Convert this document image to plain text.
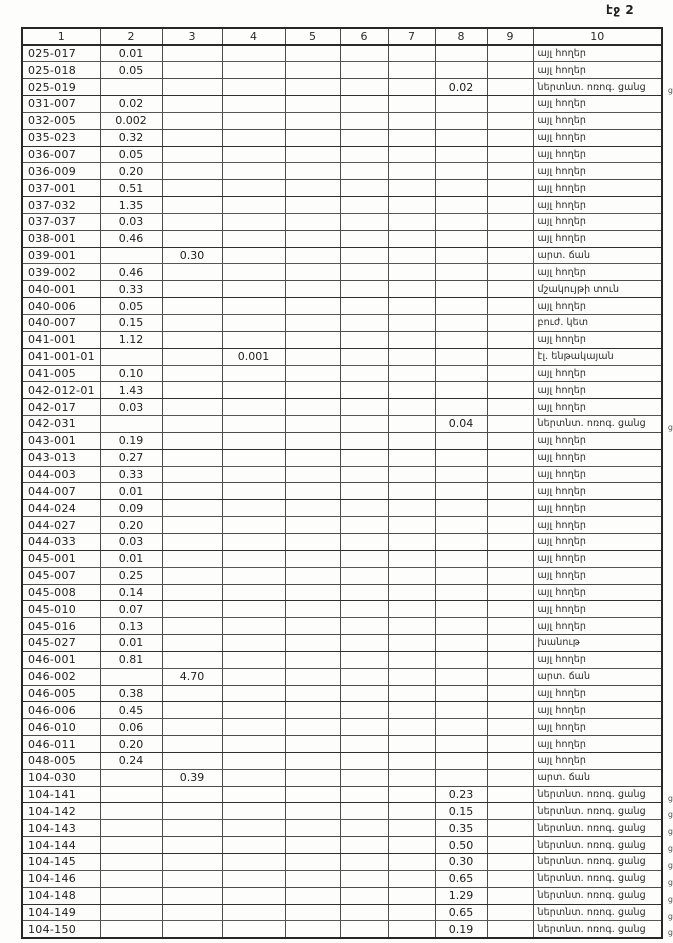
էջ 2
1	2	3	4	5	6	7	8	9	10
025-017	0.01								այլ հողեր
025-018	0.05								այլ հողեր
025-019							0.02		ներտնտ. ոռոգ. ցանց ց

031-007	0.02								այլ հողեր
032-005	0.002								այլ հողեր
035-023	0.32								այլ հողեր
036-007	0.05								այլ հողեր
036-009	0.20								այլ հողեր
037-001	0.51								այլ հողեր
037-032	1.35								այլ հողեր
037-037	0.03								այլ հողեր
038-001	0.46								այլ հողեր
039-001		0.30							արտ. ճան
039-002	0.46								այլ հողեր
040-001	0.33								մշակույթի տուն
040-006	0.05								այլ հողեր
040-007	0.15								բուժ. կետ
041-001	1.12								այլ հողեր
041-001-01			0.001						էլ. ենթակայան
041-005	0.10								այլ հողեր
042-012-01	1.43								այլ հողեր
042-017	0.03								այլ հողեր
042-031							0.04		ներտնտ. ոռոգ. ցանց ց

043-001	0.19								այլ հողեր
043-013	0.27								այլ հողեր
044-003	0.33								այլ հողեր
044-007	0.01								այլ հողեր
044-024	0.09								այլ հողեր
044-027	0.20								այլ հողեր
044-033	0.03								այլ հողեր
045-001	0.01								այլ հողեր
045-007	0.25								այլ հողեր
045-008	0.14								այլ հողեր
045-010	0.07								այլ հողեր
045-016	0.13								այլ հողեր
045-027	0.01								խանութ
046-001	0.81								այլ հողեր
046-002		4.70							արտ. ճան
046-005	0.38								այլ հողեր
046-006	0.45								այլ հողեր
046-010	0.06								այլ հողեր
046-011	0.20								այլ հողեր
048-005	0.24								այլ հողեր
104-030		0.39							արտ. ճան
104-141							0.23		ներտնտ. ոռոգ. ցանց ց

104-142							0.15		ներտնտ. ոռոգ. ցանց ց

104-143							0.35		ներտնտ. ոռոգ. ցանց ց

104-144							0.50		ներտնտ. ոռոգ. ցանց ց

104-145							0.30		ներտնտ. ոռոգ. ցանց ց

104-146							0.65		ներտնտ. ոռոգ. ցանց ց

104-148							1.29		ներտնտ. ոռոգ. ցանց ց

104-149							0.65		ներտնտ. ոռոգ. ցանց ց

104-150							0.19		ներտնտ. ոռոգ. ցանց ց
